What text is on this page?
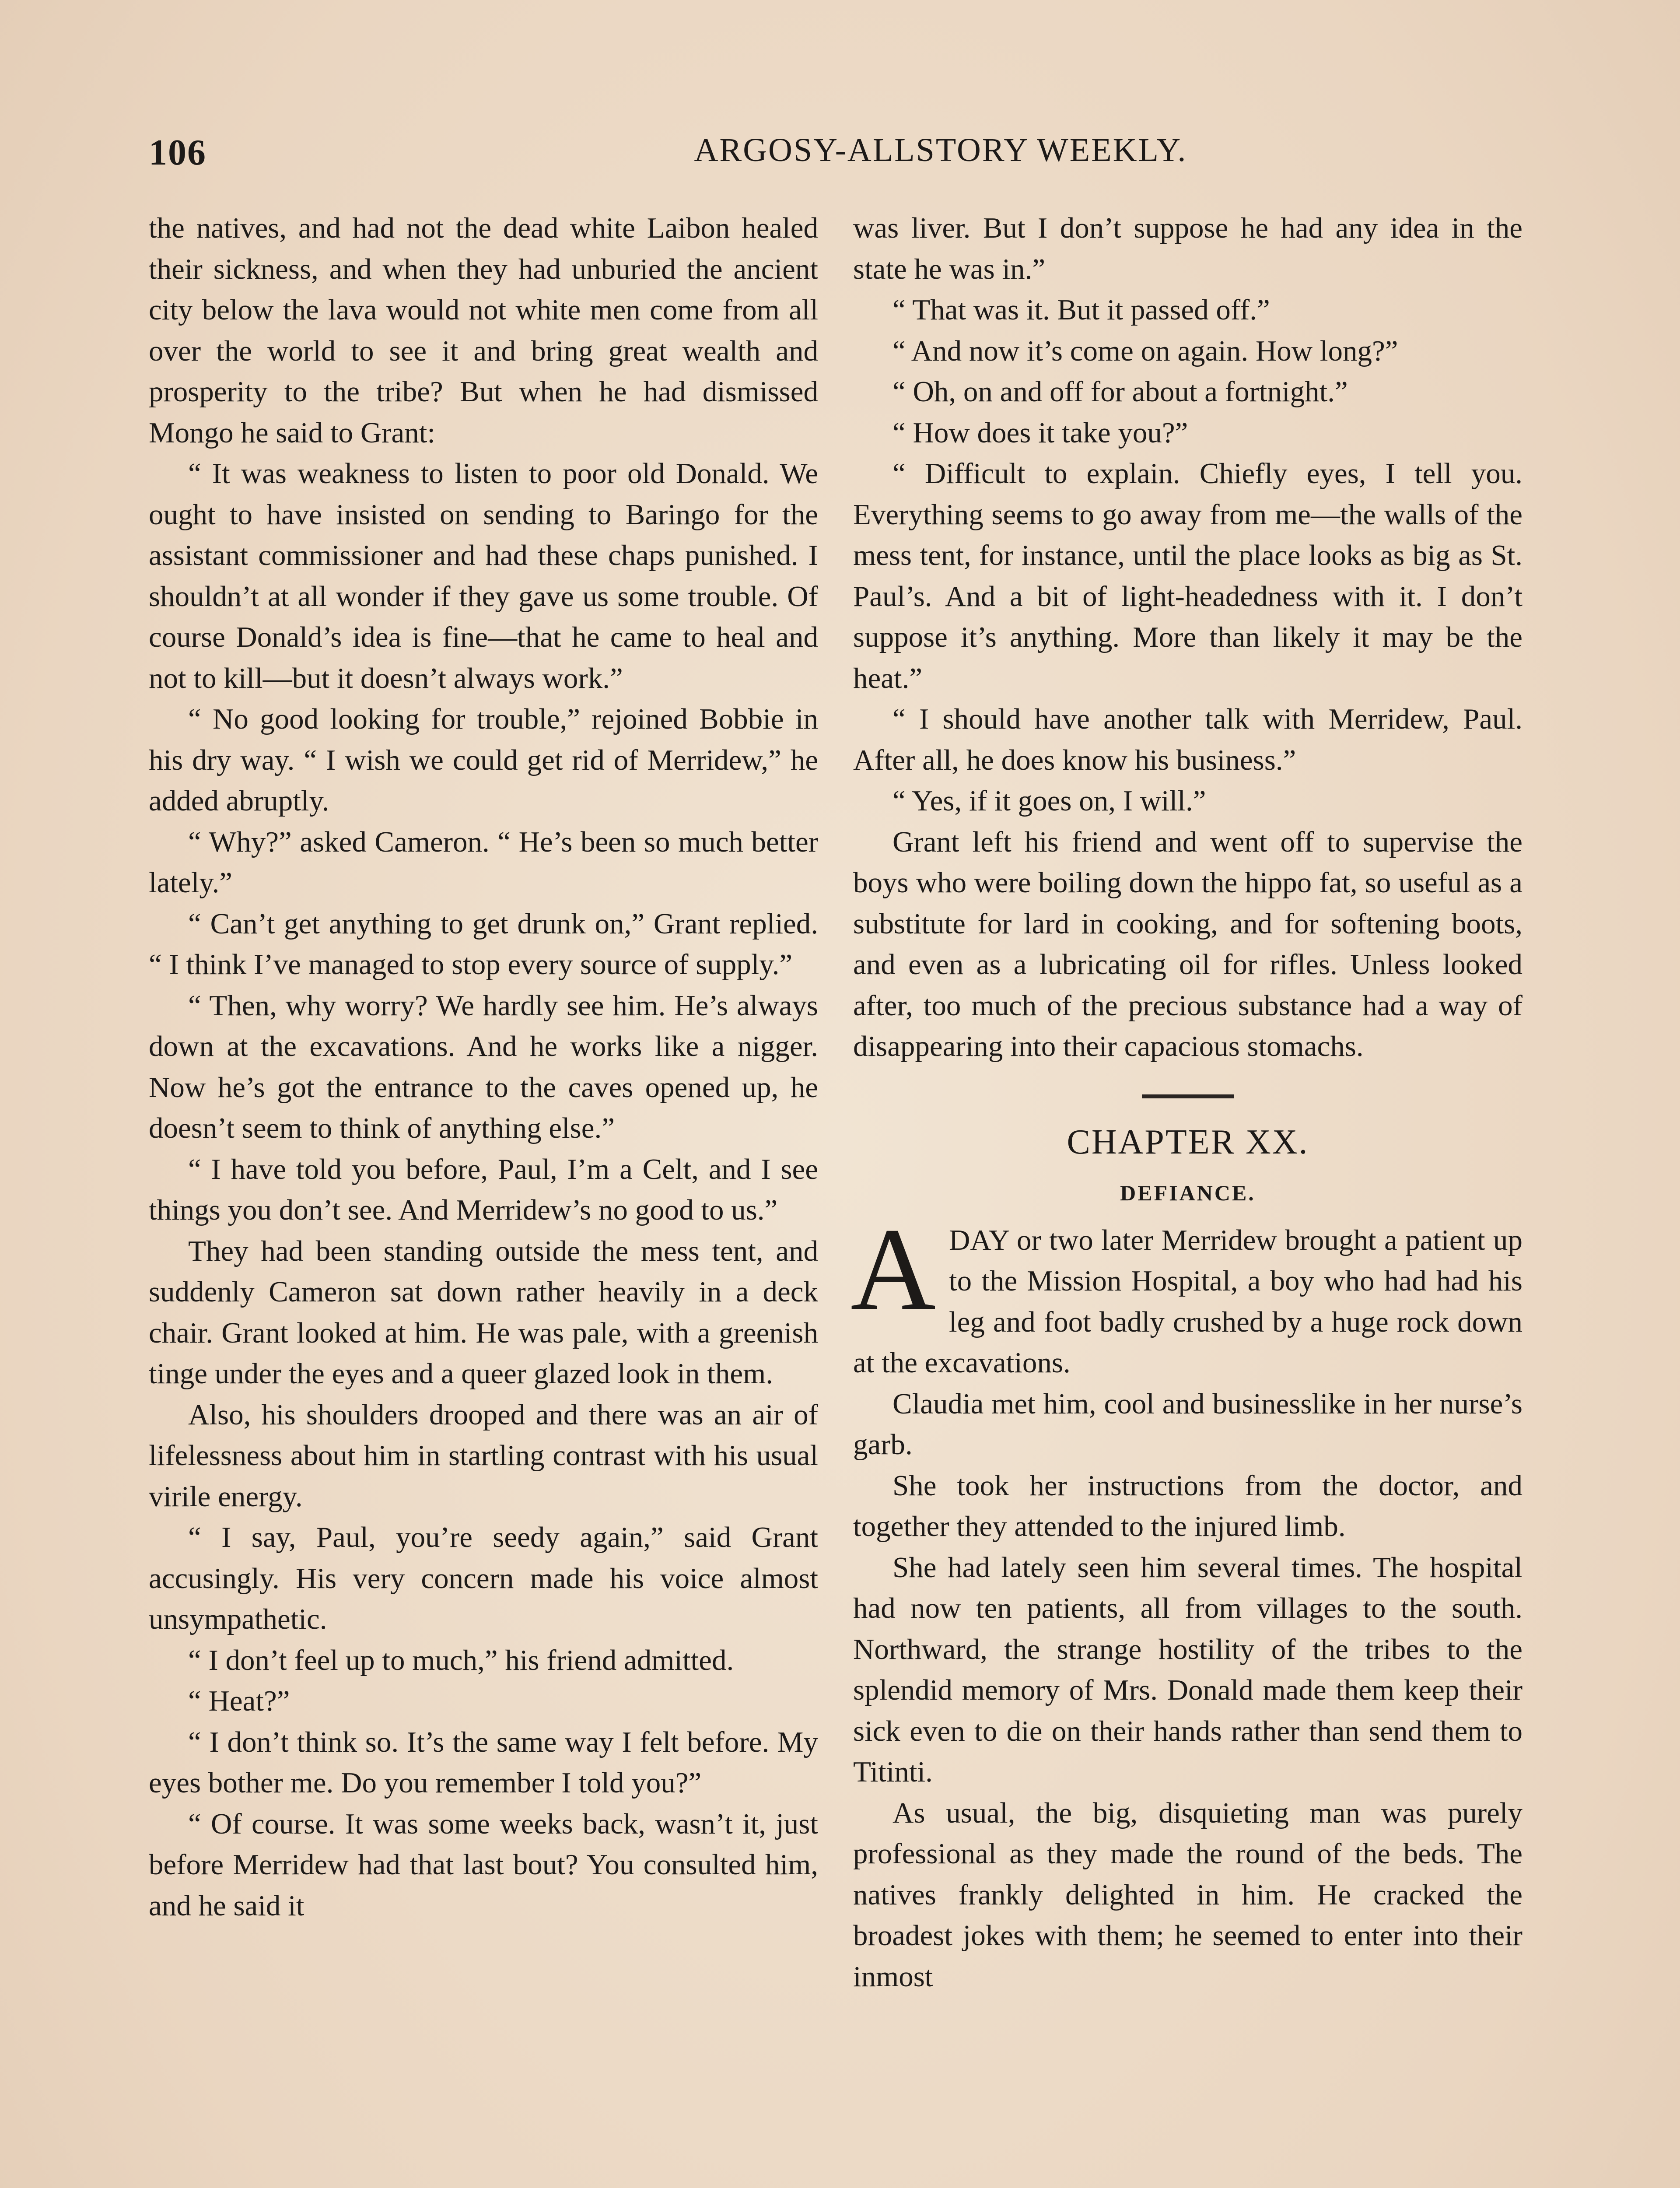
106	ARGOSY-ALLSTORY WEEKLY.

the natives, and had not the dead white Laibon healed their sickness, and when they had unburied the ancient city below the lava would not white men come from all over the world to see it and bring great wealth and prosperity to the tribe? But when he had dismissed Mongo he said to Grant:

“ It was weakness to listen to poor old Donald. We ought to have insisted on sending to Baringo for the assistant commissioner and had these chaps punished. I shouldn’t at all wonder if they gave us some trouble. Of course Donald’s idea is fine—that he came to heal and not to kill—but it doesn’t always work.”

“ No good looking for trouble,” rejoined Bobbie in his dry way. “ I wish we could get rid of Merridew,” he added abruptly.

“ Why?” asked Cameron. “ He’s been so much better lately.”

“ Can’t get anything to get drunk on,” Grant replied. “ I think I’ve managed to stop every source of supply.”

“ Then, why worry? We hardly see him. He’s always down at the excavations. And he works like a nigger. Now he’s got the entrance to the caves opened up, he doesn’t seem to think of anything else.”

“ I have told you before, Paul, I’m a Celt, and I see things you don’t see. And Merridew’s no good to us.”

They had been standing outside the mess tent, and suddenly Cameron sat down rather heavily in a deck chair. Grant looked at him. He was pale, with a greenish tinge under the eyes and a queer glazed look in them.

Also, his shoulders drooped and there was an air of lifelessness about him in startling contrast with his usual virile energy.

“ I say, Paul, you’re seedy again,” said Grant accusingly. His very concern made his voice almost unsympathetic.

“ I don’t feel up to much,” his friend admitted.

“ Heat?”

“ I don’t think so. It’s the same way I felt before. My eyes bother me. Do you remember I told you?”

“ Of course. It was some weeks back, wasn’t it, just before Merridew had that last bout? You consulted him, and he said it

was liver. But I don’t suppose he had any idea in the state he was in.”

“ That was it. But it passed off.”

“ And now it’s come on again. How long?”

“ Oh, on and off for about a fortnight.”

“ How does it take you?”

“ Difficult to explain. Chiefly eyes, I tell you. Everything seems to go away from me—the walls of the mess tent, for instance, until the place looks as big as St. Paul’s. And a bit of light-headedness with it. I don’t suppose it’s anything. More than likely it may be the heat.”

“ I should have another talk with Merridew, Paul. After all, he does know his business.”

“ Yes, if it goes on, I will.”

Grant left his friend and went off to supervise the boys who were boiling down the hippo fat, so useful as a substitute for lard in cooking, and for softening boots, and even as a lubricating oil for rifles. Unless looked after, too much of the precious substance had a way of disappearing into their capacious stomachs.

CHAPTER XX.
DEFIANCE.

ADAY or two later Merridew brought a patient up to the Mission Hospital, a boy who had had his leg and foot badly crushed by a huge rock down at the excavations.

Claudia met him, cool and businesslike in her nurse’s garb.

She took her instructions from the doctor, and together they attended to the injured limb.

She had lately seen him several times. The hospital had now ten patients, all from villages to the south. Northward, the strange hostility of the tribes to the splendid memory of Mrs. Donald made them keep their sick even to die on their hands rather than send them to Titinti.

As usual, the big, disquieting man was purely professional as they made the round of the beds. The natives frankly delighted in him. He cracked the broadest jokes with them; he seemed to enter into their inmost
